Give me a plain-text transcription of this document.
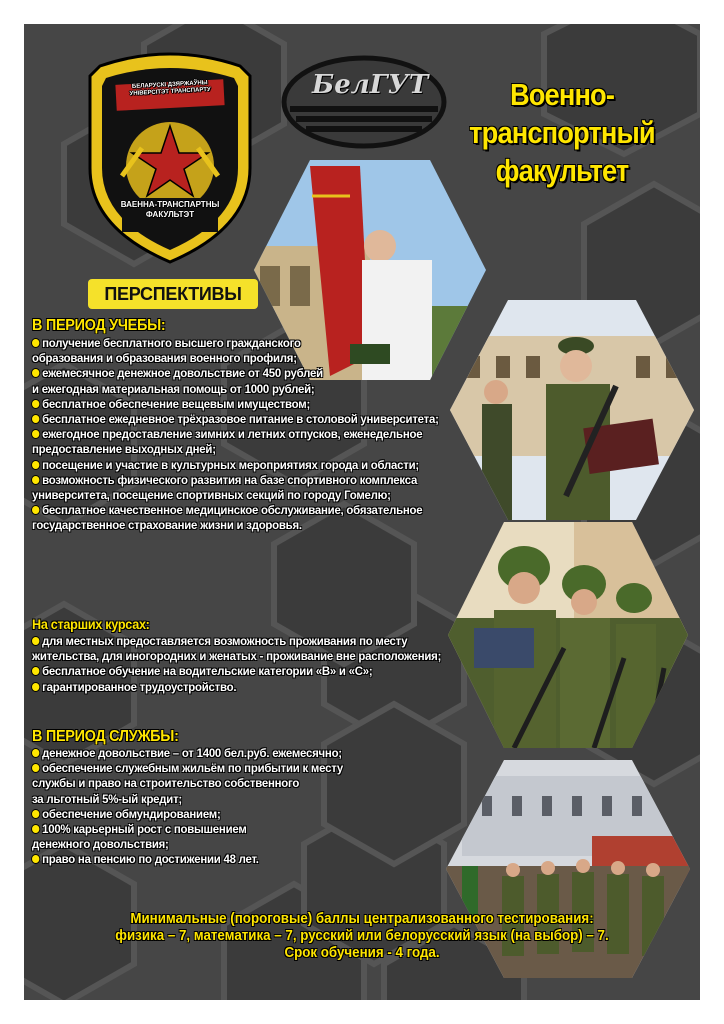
БЕЛАРУСКІ ДЗЯРЖАЎНЫ УНІВЕРСІТЭТ ТРАНСПАРТУ
ВАЕННА-ТРАНСПАРТНЫ
ФАКУЛЬТЭТ
БелГУТ	Военно-
транспортный
факультет
ПЕРСПЕКТИВЫ
В ПЕРИОД УЧЕБЫ:
получение бесплатного высшего гражданского
образования и образования военного профиля;
ежемесячное денежное довольствие от 450 рублей
и ежегодная материальная помощь от 1000 рублей;
бесплатное обеспечение вещевым имуществом;
бесплатное ежедневное трёхразовое питание в столовой университета;
ежегодное предоставление зимних и летних отпусков, еженедельное
предоставление выходных дней;
посещение и участие в культурных мероприятиях города и области;
возможность физического развития на базе спортивного комплекса
университета, посещение спортивных секций по городу Гомелю;
бесплатное качественное медицинское обслуживание, обязательное
государственное страхование жизни и здоровья.
На старших курсах:
для местных предоставляется возможность проживания по месту
жительства, для иногородних и женатых - проживание вне расположения;
бесплатное обучение на водительские категории «В» и «С»;
гарантированное трудоустройство.
В ПЕРИОД СЛУЖБЫ:
денежное довольствие – от 1400 бел.руб. ежемесячно;
обеспечение служебным жильём по прибытии к месту
службы и право на строительство собственного
за льготный 5%-ый кредит;
обеспечение обмундированием;
100% карьерный рост с повышением
денежного довольствия;
право на пенсию по достижении 48 лет.
Минимальные (пороговые) баллы централизованного тестирования:
физика – 7, математика – 7, русский или белорусский язык (на выбор) – 7.
Срок обучения - 4 года.
